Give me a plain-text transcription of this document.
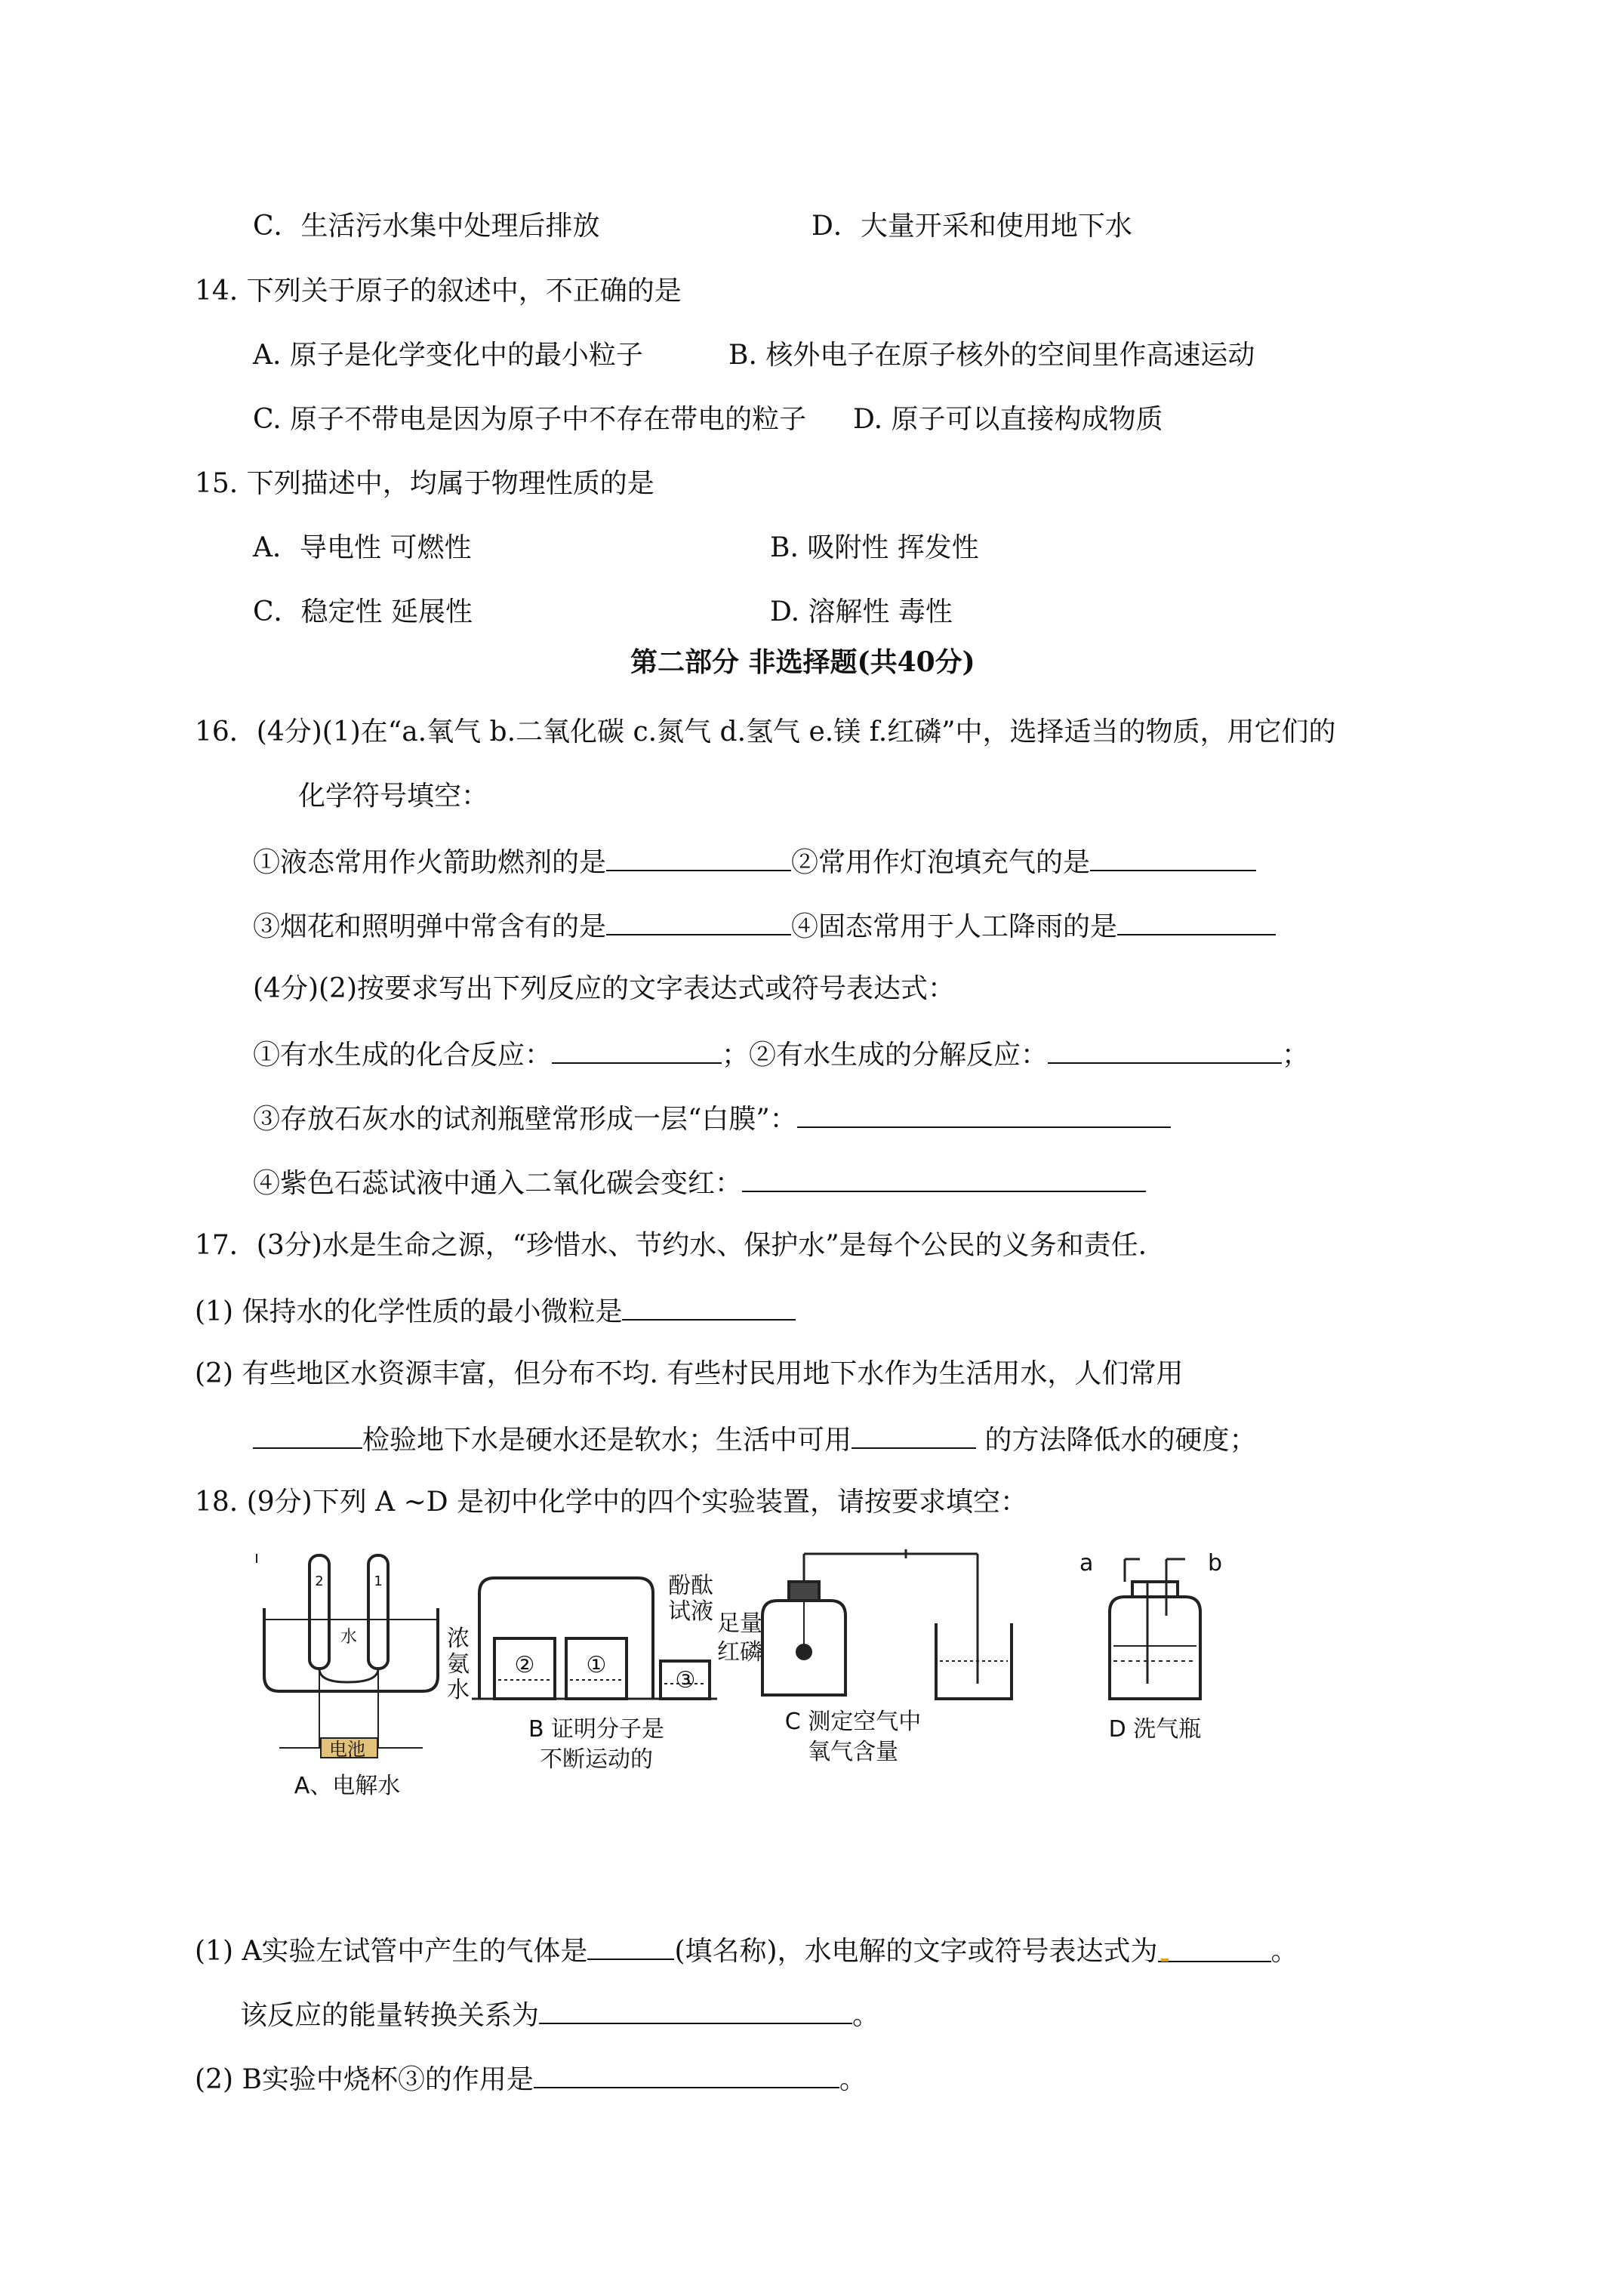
C．生活污水集中处理后排放	D．大量开采和使用地下水
14. 下列关于原子的叙述中，不正确的是
A. 原子是化学变化中的最小粒子	B. 核外电子在原子核外的空间里作高速运动
C. 原子不带电是因为原子中不存在带电的粒子 D. 原子可以直接构成物质
15. 下列描述中，均属于物理性质的是
A．导电性 可燃性	B. 吸附性 挥发性
C．稳定性 延展性	D. 溶解性 毒性
第二部分 非选择题(共40分)
16．(4分)(1)在“a.氧气 b.二氧化碳 c.氮气 d.氢气 e.镁 f.红磷”中，选择适当的物质，用它们的
化学符号填空：
①液态常用作火箭助燃剂的是	②常用作灯泡填充气的是
③烟花和照明弹中常含有的是	④固态常用于人工降雨的是
(4分)(2)按要求写出下列反应的文字表达式或符号表达式：
①有水生成的化合反应：	；②有水生成的分解反应：	；
③存放石灰水的试剂瓶壁常形成一层“白膜”：
④紫色石蕊试液中通入二氧化碳会变红：
17．(3分)水是生命之源，“珍惜水、节约水、保护水”是每个公民的义务和责任.
(1) 保持水的化学性质的最小微粒是
(2) 有些地区水资源丰富，但分布不均. 有些村民用地下水作为生活用水，人们常用
检验地下水是硬水还是软水；生活中可用	的方法降低水的硬度；
18. (9分)下列 A ~D 是初中化学中的四个实验装置，请按要求填空：
电池
水
2	1
A、电解水
浓
氨
水
酚酞
试液
② ①
③
B 证明分子是
不断运动的
足量
红磷
C 测定空气中
氧气含量
a	b
D 洗气瓶
(1) A实验左试管中产生的气体是	(填名称)，水电解的文字或符号表达式为	。
该反应的能量转换关系为	。
(2) B实验中烧杯③的作用是	。
